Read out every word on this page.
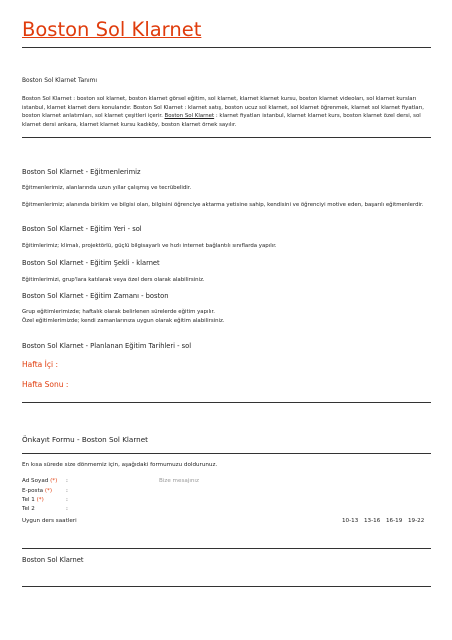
Boston Sol Klarnet
Boston Sol Klarnet Tanımı
Boston Sol Klarnet : boston sol klarnet, boston klarnet görsel eğitim, sol klarnet, klarnet klarnet kursu, boston klarnet videoları, sol klarnet kursları istanbul, klarnet klarnet ders konularıdır. Boston Sol Klarnet : klarnet satış, boston ucuz sol klarnet, sol klarnet öğrenmek, klarnet sol klarnet fiyatları, boston klarnet anlatımları, sol klarnet çeşitleri içerir. Boston Sol Klarnet : klarnet fiyatları istanbul, klarnet klarnet kurs, boston klarnet özel dersi, sol klarnet dersi ankara, klarnet klarnet kursu kadıköy, boston klarnet örnek sayılır.
Boston Sol Klarnet - Eğitmenlerimiz
Eğitmenlerimiz, alanlarında uzun yıllar çalışmış ve tecrübelidir.
Eğitmenlerimiz; alanında birikim ve bilgisi olan, bilgisini öğrenciye aktarma yetisine sahip, kendisini ve öğrenciyi motive eden, başarılı eğitmenlerdir.
Boston Sol Klarnet - Eğitim Yeri - sol
Eğitimlerimiz; klimalı, projektörlü, güçlü bilgisayarlı ve hızlı internet bağlantılı sınıflarda yapılır.
Boston Sol Klarnet - Eğitim Şekli - klarnet
Eğitimlerimizi, grup'lara katılarak veya özel ders olarak alabilirsiniz.
Boston Sol Klarnet - Eğitim Zamanı - boston
Grup eğitimlerimizde; haftalık olarak belirlenen sürelerde eğitim yapılır.
Özel eğitimlerimizde; kendi zamanlarınıza uygun olarak eğitim alabilirsiniz.
Boston Sol Klarnet - Planlanan Eğitim Tarihleri - sol
Hafta İçi :
Hafta Sonu :
Önkayıt Formu - Boston Sol Klarnet
En kısa sürede size dönmemiz için, aşağıdaki formumuzu doldurunuz.
Ad Soyad (*) :	Bize mesajınız
E-posta (*) :
Tel 1 (*)	:
Tel 2	:
Uygun ders saatleri	10-13 13-16 16-19 19-22
Boston Sol Klarnet
